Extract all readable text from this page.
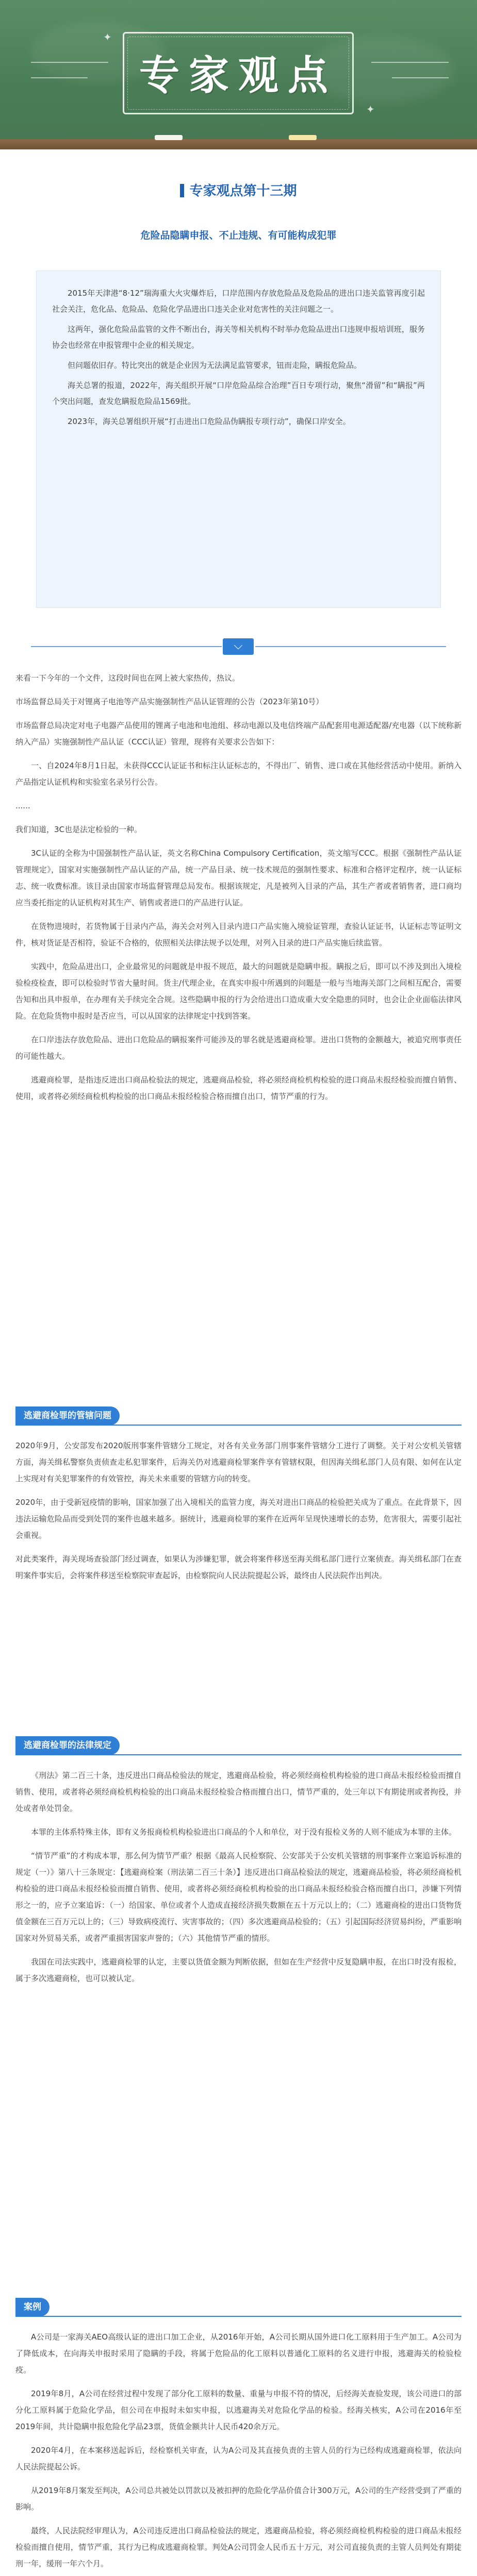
✦
✦
专家观点
专家观点第十三期
危险品隐瞒申报、不止违规、有可能构成犯罪

2015年天津港“8·12”瑞海重大火灾爆炸后，口岸范围内存放危险品及危险品的进出口违关监管再度引起社会关注，危化品、危险品、危险化学品进出口违关企业对危害性的关注问题之一。

这两年，强化危险品监管的文件不断出台，海关等相关机构不时举办危险品进出口违规申报培训班，服务协会也经常在申报管理中企业的相关规定。

但问题依旧存。特比突出的就是企业因为无法满足监管要求，钮而走险，瞒报危险品。

海关总署的报道，2022年，海关组织开展“口岸危险品综合治理”百日专项行动，聚焦“滑留”和“瞒报”两个突出问题，查发危瞒报危险品1569批。

2023年，海关总署组织开展“打击进出口危险品伪瞒报专项行动”，确保口岸安全。

⌵

来看一下今年的一个文件，这段时间也在网上被大家热传，热议。

市场监督总局关于对锂离子电池等产品实施强制性产品认证管理的公告（2023年第10号）

市场监督总局决定对电子电器产品使用的锂离子电池和电池组、移动电源以及电信终端产品配套用电源适配器/充电器（以下统称新纳入产品）实施强制性产品认证（CCC认证）管理，现将有关要求公告如下：

一、自2024年8月1日起，未获得CCC认证证书和标注认证标志的，不得出厂、销售、进口或在其他经营活动中使用。新纳入产品指定认证机构和实验室名录另行公告。

......

我们知道，3C也是法定检验的一种。

3C认证的全称为中国强制性产品认证，英文名称China Compulsory Certification，英文缩写CCC。根据《强制性产品认证管理规定》，国家对实施强制性产品认证的产品，统一产品目录、统一技术规范的强制性要求、标准和合格评定程序，统一认证标志、统一收费标准。该目录由国家市场监督管理总局发布。根据该规定，凡是被列入目录的产品，其生产者或者销售者，进口商均应当委托指定的认证机构对其生产、销售或者进口的产品进行认证。

在货物进境时，若货物属于目录内产品，海关会对列入目录内进口产品实施入境验证管理，查验认证证书，认证标志等证明文件，核对货证是否相符，验证不合格的，依照相关法律法规予以处理，对列入目录的进口产品实施后续监管。

实践中，危险品进出口，企业最常见的问题就是申报不规范，最大的问题就是隐瞒申报。瞒报之后，即可以不涉及到出入境检验检疫检查，即可以检验时节省大量时间。货主/代理企业，在真实申报中所遇到的问题是一般与当地海关部门之间相互配合，需要告知和出具申报单，在办理有关手续完全合规。这些隐瞒申报的行为会给进出口造成重大安全隐患的同时，也会让企业面临法律风险。在危险货物申报时是否应当，可以从国家的法律规定中找到答案。

在口岸违法存放危险品、进出口危险品的瞒报案件可能涉及的罪名就是逃避商检罪。进出口货物的金额越大，被追究刑事责任的可能性越大。

逃避商检罪，是指违反进出口商品检验法的规定，逃避商品检验，将必须经商检机构检验的进口商品未报经检验而擅自销售、使用，或者将必须经商检机构检验的出口商品未报经检验合格而擅自出口，情节严重的行为。

逃避商检罪的管辖问题

2020年9月，公安部发布2020版刑事案件管辖分工规定，对各有关业务部门刑事案件管辖分工进行了调整。关于对公安机关管辖方面，海关缉私警察负责侦查走私犯罪案件，后海关仍对逃避商检罪案件享有管辖权限，但因海关缉私部门人员有限、如何在认定上实现对有关犯罪案件的有效管控，海关未来重要的管辖方向的转变。

2020年，由于受新冠疫情的影响，国家加强了出入境相关的监管力度，海关对进出口商品的检验把关成为了重点。在此背景下，因违法运输危险品而受到处罚的案件也越来越多。据统计，逃避商检罪的案件在近两年呈现快速增长的态势，危害很大，需要引起社会重视。

对此类案件，海关现场查验部门经过调查，如果认为涉嫌犯罪，就会将案件移送至海关缉私部门进行立案侦查。海关缉私部门在查明案件事实后，会将案件移送至检察院审查起诉，由检察院向人民法院提起公诉，最终由人民法院作出判决。

逃避商检罪的法律规定

《刑法》第二百三十条，违反进出口商品检验法的规定，逃避商品检验，将必须经商检机构检验的进口商品未报经检验而擅自销售、使用，或者将必须经商检机构检验的出口商品未报经检验合格而擅自出口，情节严重的，处三年以下有期徒刑或者拘役，并处或者单处罚金。

本罪的主体系特殊主体，即有义务报商检机构检验进出口商品的个人和单位，对于没有报检义务的人则不能成为本罪的主体。

“情节严重”的才构成本罪，那么何为情节严重？根据《最高人民检察院、公安部关于公安机关管辖的刑事案件立案追诉标准的规定（一）》第八十三条规定：【逃避商检案（刑法第二百三十条）】违反进出口商品检验法的规定，逃避商品检验，将必须经商检机构检验的进口商品未报经检验而擅自销售、使用，或者将必须经商检机构检验的出口商品未报经检验合格而擅自出口，涉嫌下列情形之一的，应予立案追诉：（一）给国家、单位或者个人造成直接经济损失数额在五十万元以上的；（二）逃避商检的进出口货物货值金额在三百万元以上的；（三）导致病疫流行、灾害事故的；（四）多次逃避商品检验的；（五）引起国际经济贸易纠纷，严重影响国家对外贸易关系，或者严重损害国家声誉的；（六）其他情节严重的情形。

我国在司法实践中，逃避商检罪的认定，主要以货值金额为判断依据，但如在生产经营中反复隐瞒申报，在出口时没有报检，属于多次逃避商检，也可以被认定。

案例

A公司是一家海关AEO高级认证的进出口加工企业，从2016年开始，A公司长期从国外进口化工原料用于生产加工。A公司为了降低成本，在向海关申报时采用了隐瞒的手段，将属于危险品的化工原料以普通化工原料的名义进行申报，逃避海关的检验检疫。

2019年8月，A公司在经营过程中发现了部分化工原料的数量、重量与申报不符的情况，后经海关查验发现，该公司进口的部分化工原料属于危险化学品，但公司在申报时未如实申报，以逃避海关对危险化学品的检验。经海关核实，A公司在2016年至2019年间，共计隐瞒申报危险化学品23票，货值金额共计人民币420余万元。

2020年4月，在本案移送起诉后，经检察机关审查，认为A公司及其直接负责的主管人员的行为已经构成逃避商检罪，依法向人民法院提起公诉。

从2019年8月案发至判决，A公司总共被处以罚款以及被扣押的危险化学品价值合计300万元，A公司的生产经营受到了严重的影响。

最终，人民法院经审理认为，A公司违反进出口商品检验法的规定，逃避商品检验，将必须经商检机构检验的进口商品未报经检验而擅自使用，情节严重，其行为已构成逃避商检罪。判处A公司罚金人民币五十万元，对公司直接负责的主管人员判处有期徒刑一年，缓刑一年六个月。
